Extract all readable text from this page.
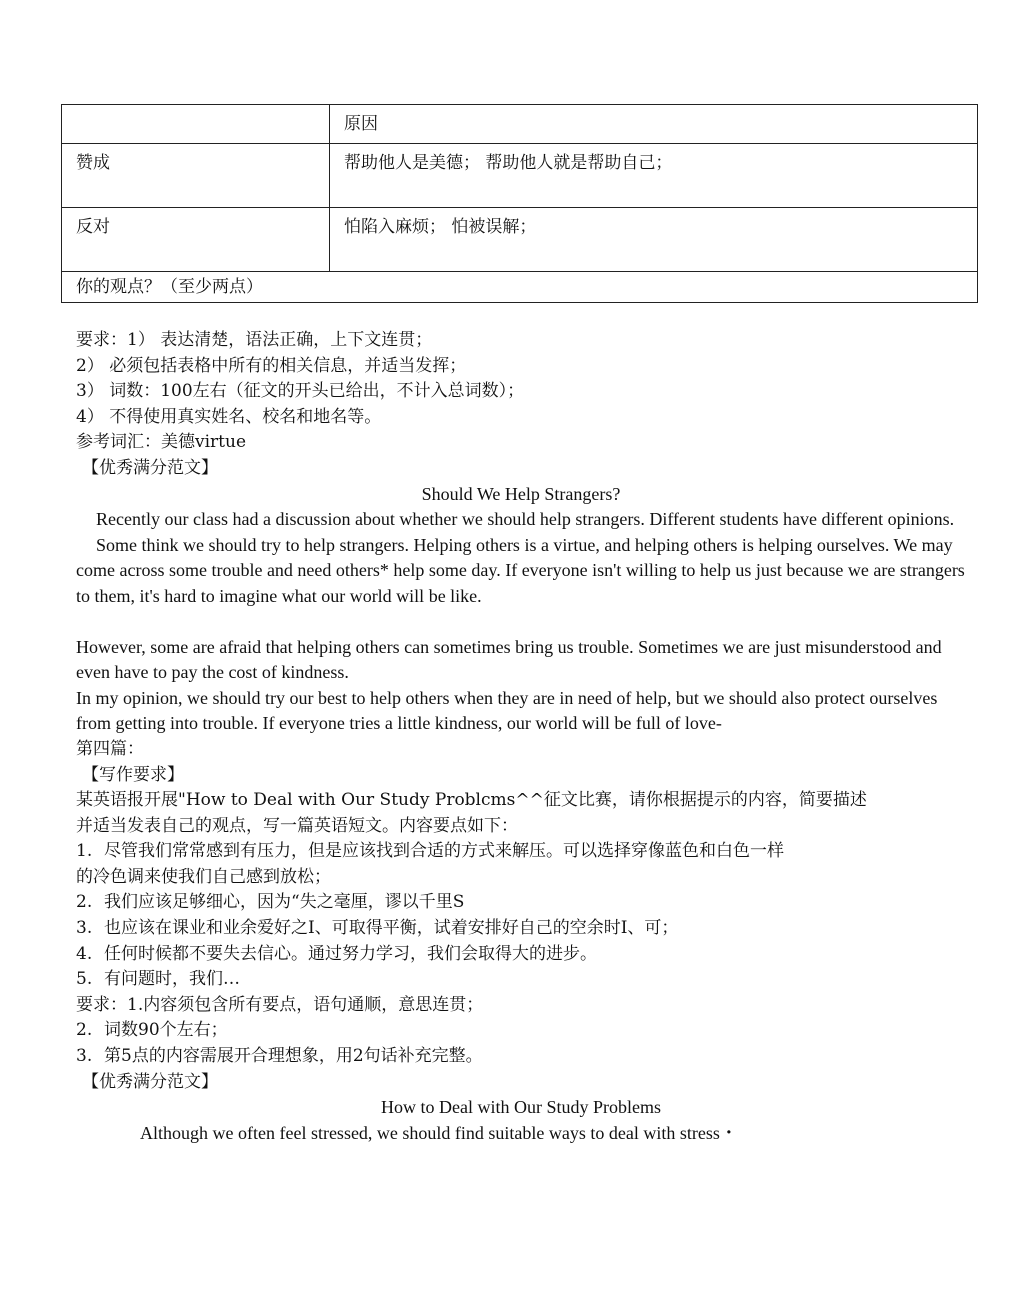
	原因
赞成	帮助他人是美德； 帮助他人就是帮助自己；
反对	怕陷入麻烦； 怕被误解；
你的观点？（至少两点）	
要求：1） 表达清楚，语法正确，上下文连贯；
2） 必须包括表格中所有的相关信息，并适当发挥；
3） 词数：100左右（征文的开头已给出，不计入总词数）；
4） 不得使用真实姓名、校名和地名等。
参考词汇：美德virtue
【优秀满分范文】
Should We Help Strangers?
Recently our class had a discussion about whether we should help strangers. Different students have different opinions.
Some think we should try to help strangers. Helping others is a virtue, and helping others is helping ourselves. We may come across some trouble and need others* help some day. If everyone isn't willing to help us just because we are strangers to them, it's hard to imagine what our world will be like.
However, some are afraid that helping others can sometimes bring us trouble. Sometimes we are just misunderstood and even have to pay the cost of kindness.
In my opinion, we should try our best to help others when they are in need of help, but we should also protect ourselves from getting into trouble. If everyone tries a little kindness, our world will be full of love-
第四篇：
【写作要求】
某英语报开展"How to Deal with Our Study Problcms^^征文比赛，请你根据提示的内容，简要描述
并适当发表自己的观点，写一篇英语短文。内容要点如下：
1. 尽管我们常常感到有压力，但是应该找到合适的方式来解压。可以选择穿像蓝色和白色一样
的冷色调来使我们自己感到放松；
2. 我们应该足够细心，因为“失之毫厘，谬以千里S
3. 也应该在课业和业余爱好之I、可取得平衡，试着安排好自己的空余时I、可；
4. 任何时候都不要失去信心。通过努力学习，我们会取得大的进步。
5. 有问题时，我们…
要求：1.内容须包含所有要点，语句通顺，意思连贯；
2. 词数90个左右；
3. 第5点的内容需展开合理想象，用2句话补充完整。
【优秀满分范文】
How to Deal with Our Study Problems
Although we often feel stressed, we should find suitable ways to deal with stress・
